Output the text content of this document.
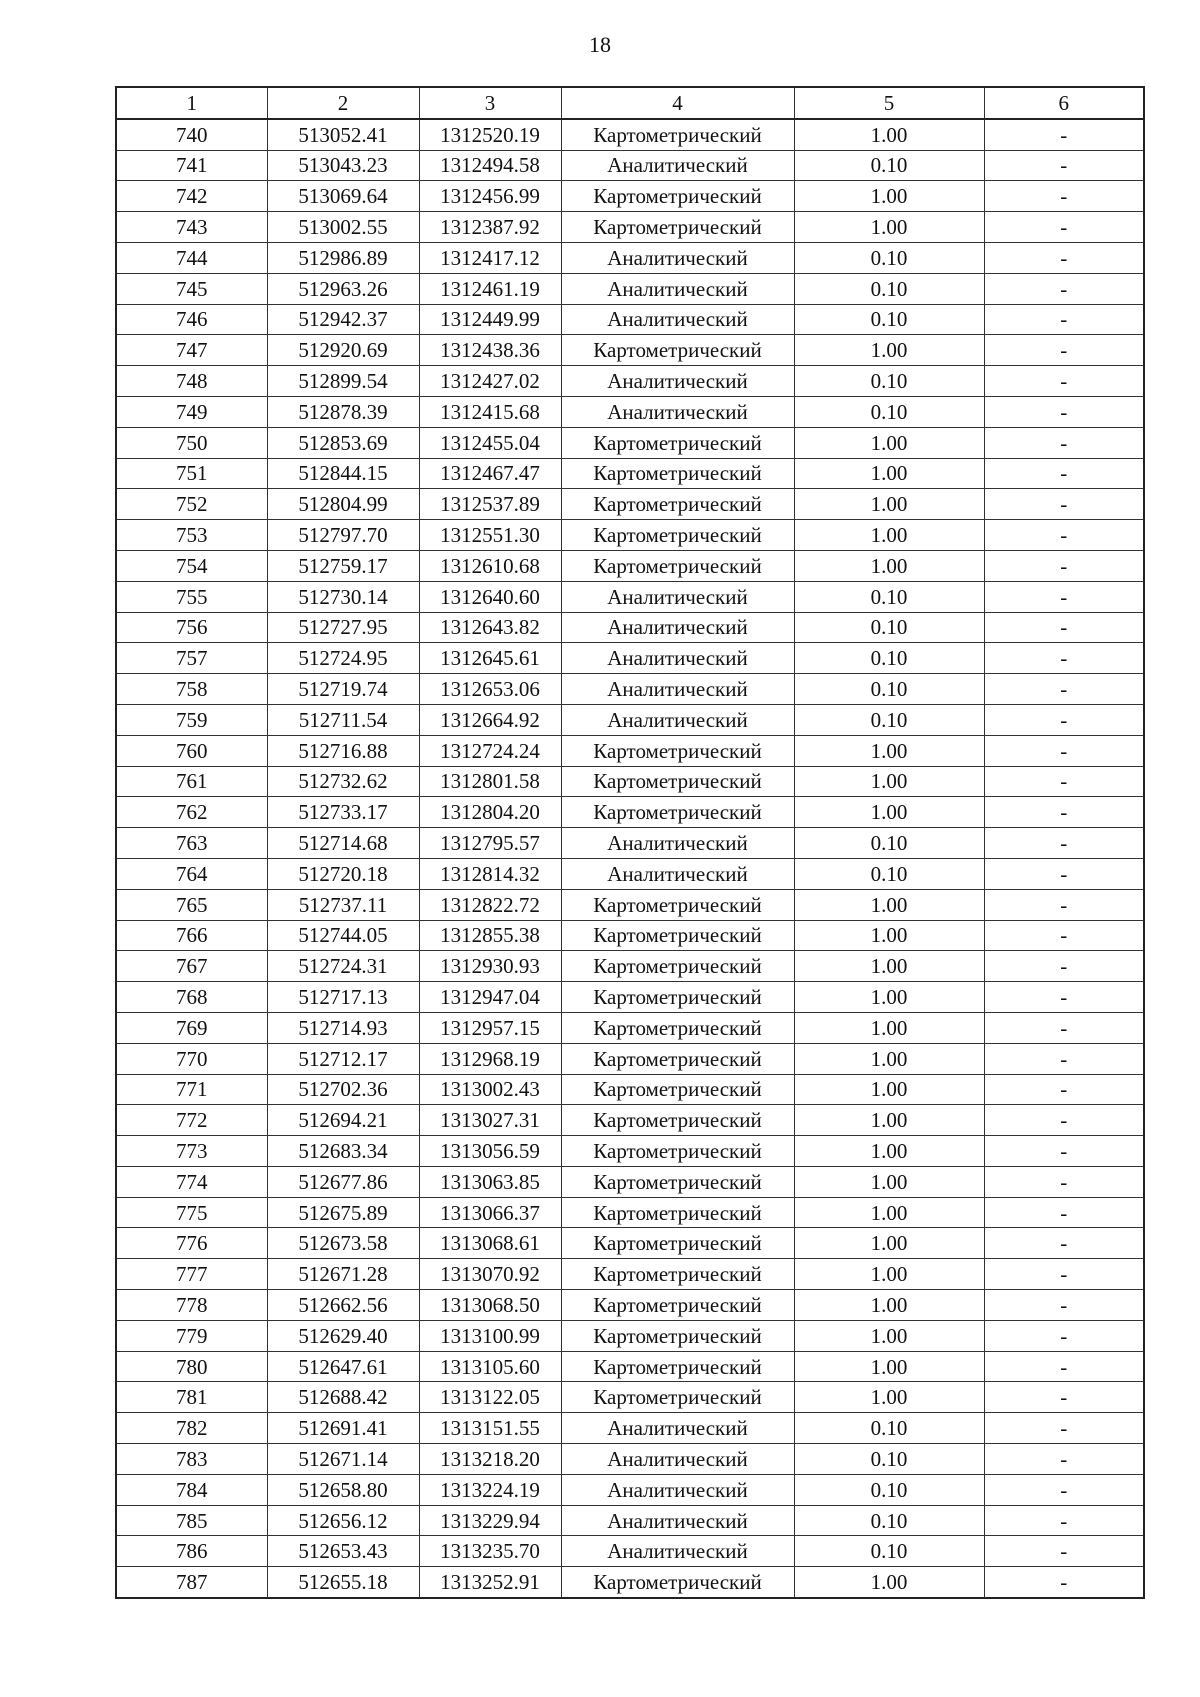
18
1	2	3	4	5	6
740	513052.41	1312520.19	Картометрический	1.00	-
741	513043.23	1312494.58	Аналитический	0.10	-
742	513069.64	1312456.99	Картометрический	1.00	-
743	513002.55	1312387.92	Картометрический	1.00	-
744	512986.89	1312417.12	Аналитический	0.10	-
745	512963.26	1312461.19	Аналитический	0.10	-
746	512942.37	1312449.99	Аналитический	0.10	-
747	512920.69	1312438.36	Картометрический	1.00	-
748	512899.54	1312427.02	Аналитический	0.10	-
749	512878.39	1312415.68	Аналитический	0.10	-
750	512853.69	1312455.04	Картометрический	1.00	-
751	512844.15	1312467.47	Картометрический	1.00	-
752	512804.99	1312537.89	Картометрический	1.00	-
753	512797.70	1312551.30	Картометрический	1.00	-
754	512759.17	1312610.68	Картометрический	1.00	-
755	512730.14	1312640.60	Аналитический	0.10	-
756	512727.95	1312643.82	Аналитический	0.10	-
757	512724.95	1312645.61	Аналитический	0.10	-
758	512719.74	1312653.06	Аналитический	0.10	-
759	512711.54	1312664.92	Аналитический	0.10	-
760	512716.88	1312724.24	Картометрический	1.00	-
761	512732.62	1312801.58	Картометрический	1.00	-
762	512733.17	1312804.20	Картометрический	1.00	-
763	512714.68	1312795.57	Аналитический	0.10	-
764	512720.18	1312814.32	Аналитический	0.10	-
765	512737.11	1312822.72	Картометрический	1.00	-
766	512744.05	1312855.38	Картометрический	1.00	-
767	512724.31	1312930.93	Картометрический	1.00	-
768	512717.13	1312947.04	Картометрический	1.00	-
769	512714.93	1312957.15	Картометрический	1.00	-
770	512712.17	1312968.19	Картометрический	1.00	-
771	512702.36	1313002.43	Картометрический	1.00	-
772	512694.21	1313027.31	Картометрический	1.00	-
773	512683.34	1313056.59	Картометрический	1.00	-
774	512677.86	1313063.85	Картометрический	1.00	-
775	512675.89	1313066.37	Картометрический	1.00	-
776	512673.58	1313068.61	Картометрический	1.00	-
777	512671.28	1313070.92	Картометрический	1.00	-
778	512662.56	1313068.50	Картометрический	1.00	-
779	512629.40	1313100.99	Картометрический	1.00	-
780	512647.61	1313105.60	Картометрический	1.00	-
781	512688.42	1313122.05	Картометрический	1.00	-
782	512691.41	1313151.55	Аналитический	0.10	-
783	512671.14	1313218.20	Аналитический	0.10	-
784	512658.80	1313224.19	Аналитический	0.10	-
785	512656.12	1313229.94	Аналитический	0.10	-
786	512653.43	1313235.70	Аналитический	0.10	-
787	512655.18	1313252.91	Картометрический	1.00	-
